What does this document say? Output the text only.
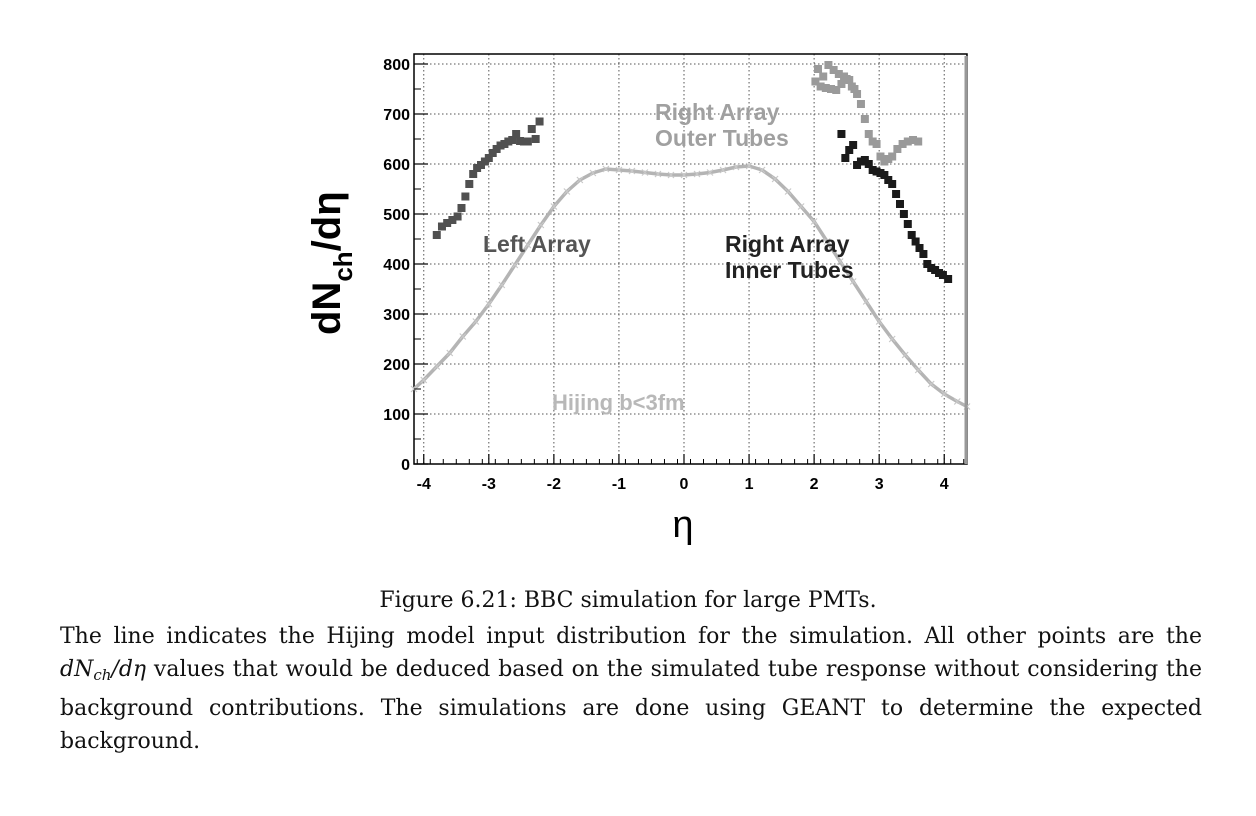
-4	-3	-2	-1	0	1	2	3	4
0
100
200
300
400
500
600
700
800
Right Array
Outer Tubes
Left Array	Right Array
Inner Tubes
Hijing b<3fm
η
$dN_{ch}/d\eta$
Figure 6.21: BBC simulation for large PMTs.
The line indicates the Hijing model input distribution for the simulation. All other points are the $dN_{ch}/d\eta$ values that would be deduced based on the simulated tube response without considering the background contributions. The simulations are done using GEANT to determine the expected background.
